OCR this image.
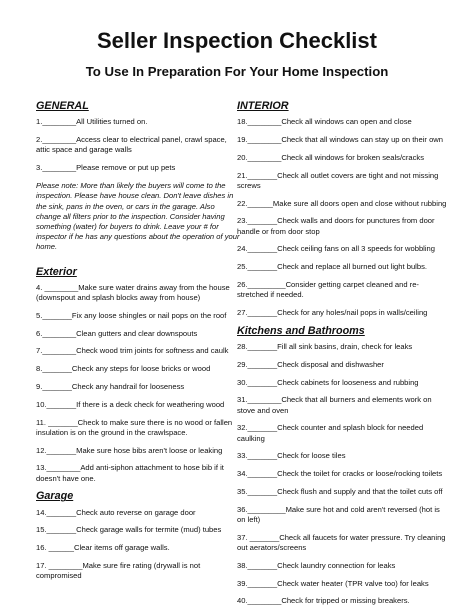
Seller Inspection Checklist
To Use In Preparation For Your Home Inspection
GENERAL
1.________All Utilities turned on.
2.________Access clear to electrical panel, crawl space, attic space and garage walls
3.________Please remove or put up pets
Please note: More than likely the buyers will come to the inspection. Please have house clean. Don't leave dishes in the sink, pans in the oven, or cars in the garage. Also change all filters prior to the inspection. Consider having something (water) for buyers to drink. Leave your # for inspector if he has any questions about the operation of your home.
Exterior
4. ________Make sure water drains away from the house (downspout and splash blocks away from house)
5._______Fix any loose shingles or nail pops on the roof
6.________Clean gutters and clear downspouts
7.________Check wood trim joints for softness and caulk
8._______Check any steps for loose bricks or wood
9._______Check any handrail for looseness
10._______If there is a deck check for weathering wood
11. _______Check to make sure there is no wood or fallen insulation is on the ground in the crawlspace.
12._______Make sure hose bibs aren't loose or leaking
13.________Add anti-siphon attachment to hose bib if it doesn't have one.
Garage
14._______Check auto reverse on garage door
15._______Check garage walls for termite (mud) tubes
16. ______Clear items off garage walls.
17. ________Make sure fire rating (drywall is not compromised
INTERIOR
18.________Check all windows can open and close
19.________Check that all windows can stay up on their own
20.________Check all windows for broken seals/cracks
21._______Check all outlet covers are tight and not missing screws
22.______Make sure all doors open and close without rubbing
23._______Check walls and doors for punctures from door handle or from door stop
24._______Check ceiling fans on all 3 speeds for wobbling
25._______Check and replace all burned out light bulbs.
26._________Consider getting carpet cleaned and re-stretched if needed.
27._______Check for any holes/nail pops in walls/ceiling
Kitchens and Bathrooms
28._______Fill all sink basins, drain, check for leaks
29._______Check disposal and dishwasher
30._______Check cabinets for looseness and rubbing
31.________Check that all burners and elements work on stove and oven
32._______Check counter and splash block for needed caulking
33._______Check for loose tiles
34._______Check the toilet for cracks or loose/rocking toilets
35._______Check flush and supply and that the toilet cuts off
36._________Make sure hot and cold aren't reversed (hot is on left)
37. _______Check all faucets for water pressure. Try cleaning out aerators/screens
38._______Check laundry connection for leaks
39._______Check water heater (TPR valve too) for leaks
40.________Check for tripped or missing breakers.
